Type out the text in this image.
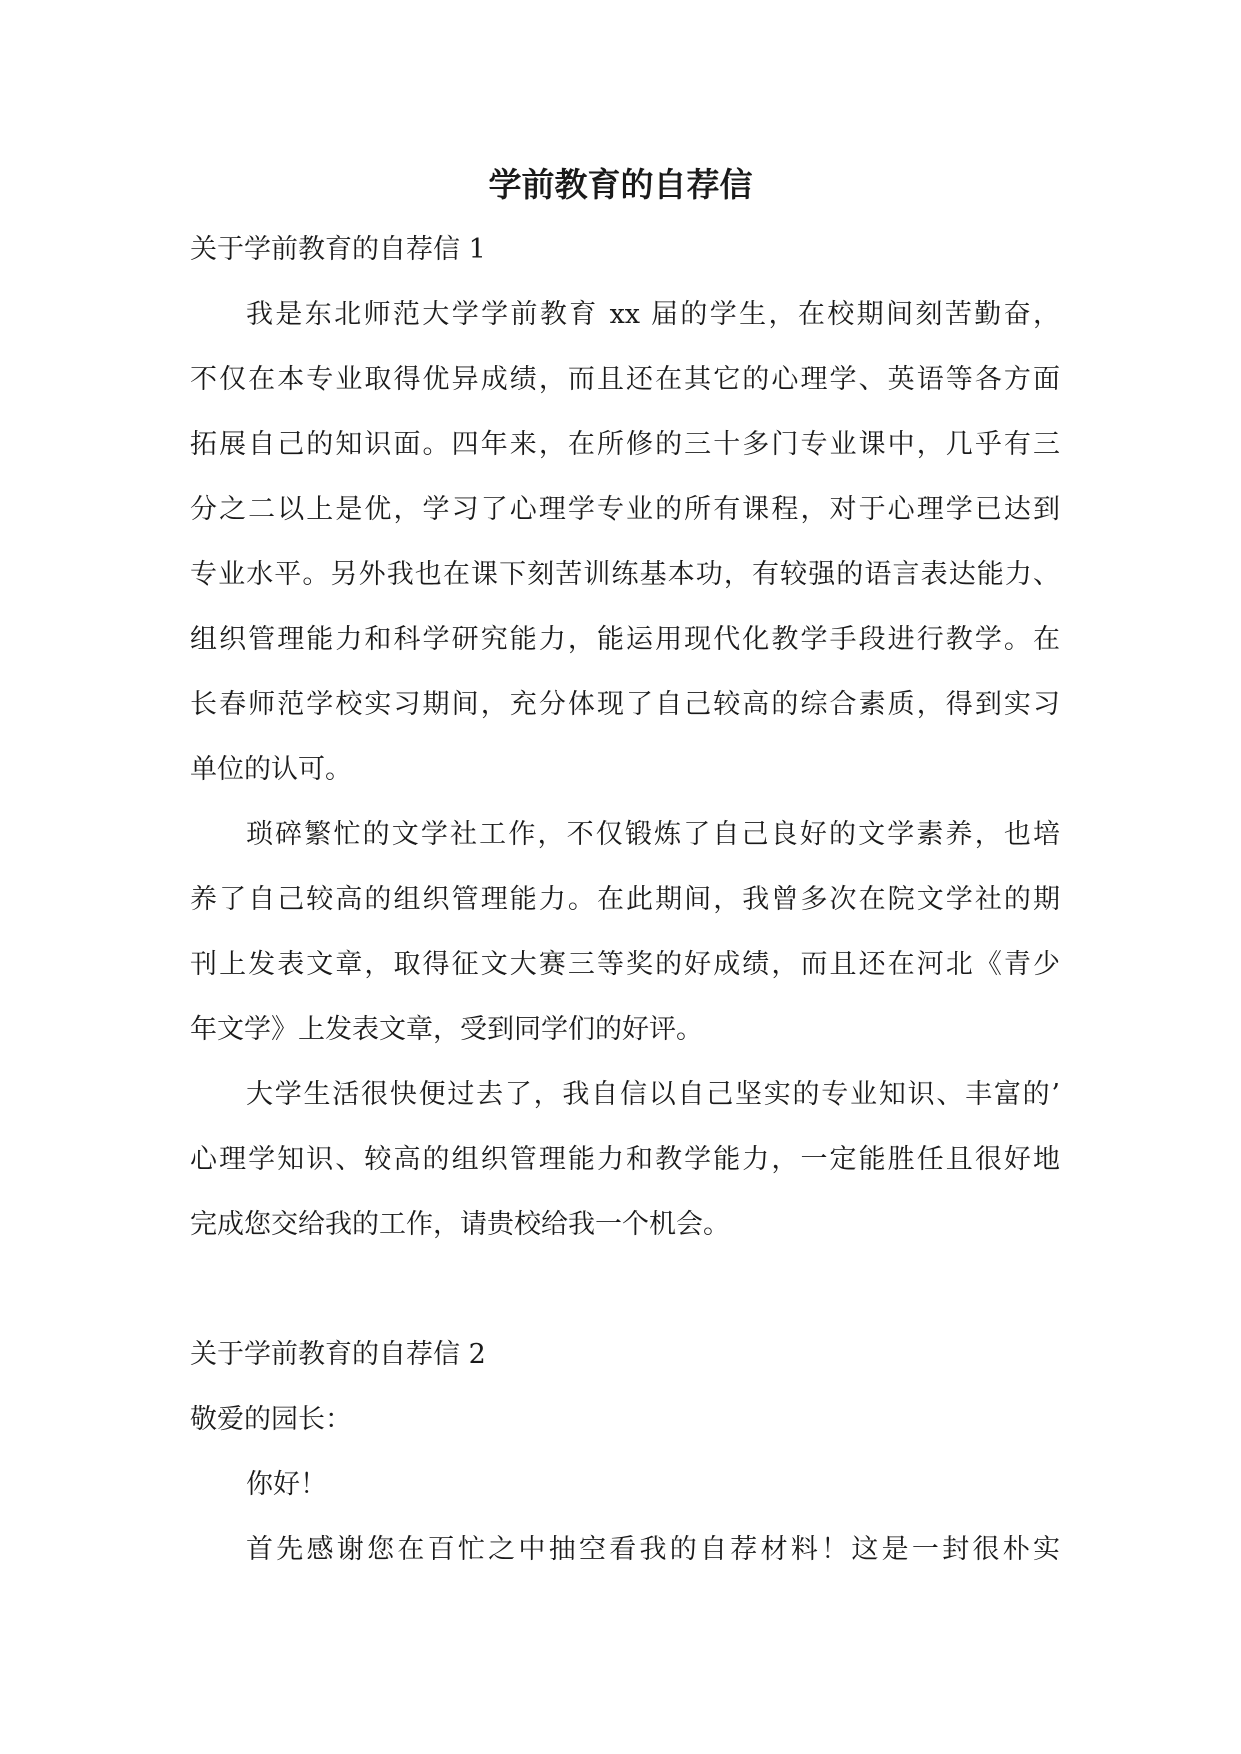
学前教育的自荐信
关于学前教育的自荐信 1
我是东北师范大学学前教育 xx 届的学生，在校期间刻苦勤奋，
不仅在本专业取得优异成绩，而且还在其它的心理学、英语等各方面
拓展自己的知识面。四年来，在所修的三十多门专业课中，几乎有三
分之二以上是优，学习了心理学专业的所有课程，对于心理学已达到
专业水平。另外我也在课下刻苦训练基本功，有较强的语言表达能力、
组织管理能力和科学研究能力，能运用现代化教学手段进行教学。在
长春师范学校实习期间，充分体现了自己较高的综合素质，得到实习
单位的认可。
琐碎繁忙的文学社工作，不仅锻炼了自己良好的文学素养，也培
养了自己较高的组织管理能力。在此期间，我曾多次在院文学社的期
刊上发表文章，取得征文大赛三等奖的好成绩，而且还在河北《青少
年文学》上发表文章，受到同学们的好评。
大学生活很快便过去了，我自信以自己坚实的专业知识、丰富的’
心理学知识、较高的组织管理能力和教学能力，一定能胜任且很好地
完成您交给我的工作，请贵校给我一个机会。
关于学前教育的自荐信 2
敬爱的园长：
你好！
首先感谢您在百忙之中抽空看我的自荐材料！这是一封很朴实
